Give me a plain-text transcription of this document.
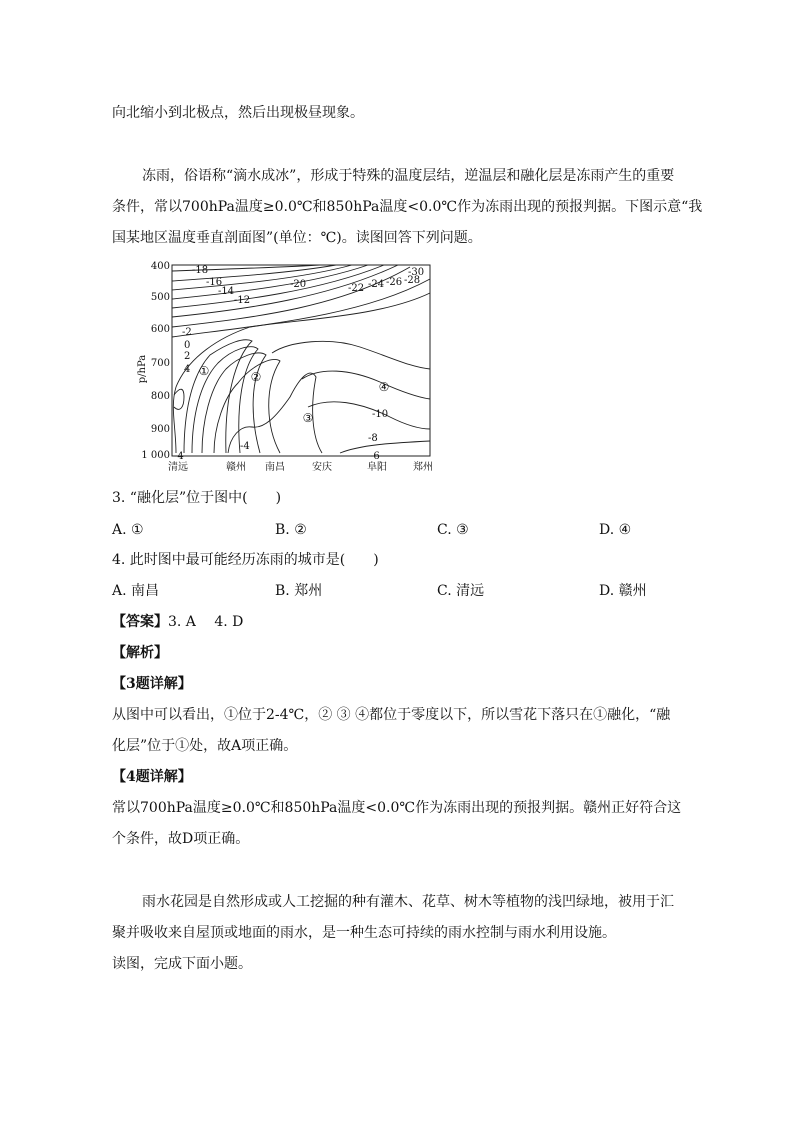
向北缩小到北极点，然后出现极昼现象。
冻雨，俗语称“滴水成冰”，形成于特殊的温度层结，逆温层和融化层是冻雨产生的重要
条件，常以700hPa温度≥0.0℃和850hPa温度<0.0℃作为冻雨出现的预报判据。下图示意“我
国某地区温度垂直剖面图”(单位：℃)。读图回答下列问题。
p/hPa
400
500
600
700
800
900
1 000
清远	赣州 南昌	安庆	阜阳	郑州
-18
-16
-14
-12
-20	-22 -24 -26 -28
-30
-2
0
2
4
-4
-4
-10
-8
-6
①	②
③
④
3. “融化层”位于图中(　　)
A. ①	B. ②	C. ③	D. ④
4. 此时图中最可能经历冻雨的城市是(　　)
A. 南昌	B. 郑州	C. 清远	D. 赣州
【答案】3. A　 4. D
【解析】
【3题详解】
从图中可以看出，①位于2-4℃，② ③ ④都位于零度以下，所以雪花下落只在①融化，“融
化层”位于①处，故A项正确。
【4题详解】
常以700hPa温度≥0.0℃和850hPa温度<0.0℃作为冻雨出现的预报判据。赣州正好符合这
个条件，故D项正确。
雨水花园是自然形成或人工挖掘的种有灌木、花草、树木等植物的浅凹绿地，被用于汇
聚并吸收来自屋顶或地面的雨水，是一种生态可持续的雨水控制与雨水利用设施。
读图，完成下面小题。
